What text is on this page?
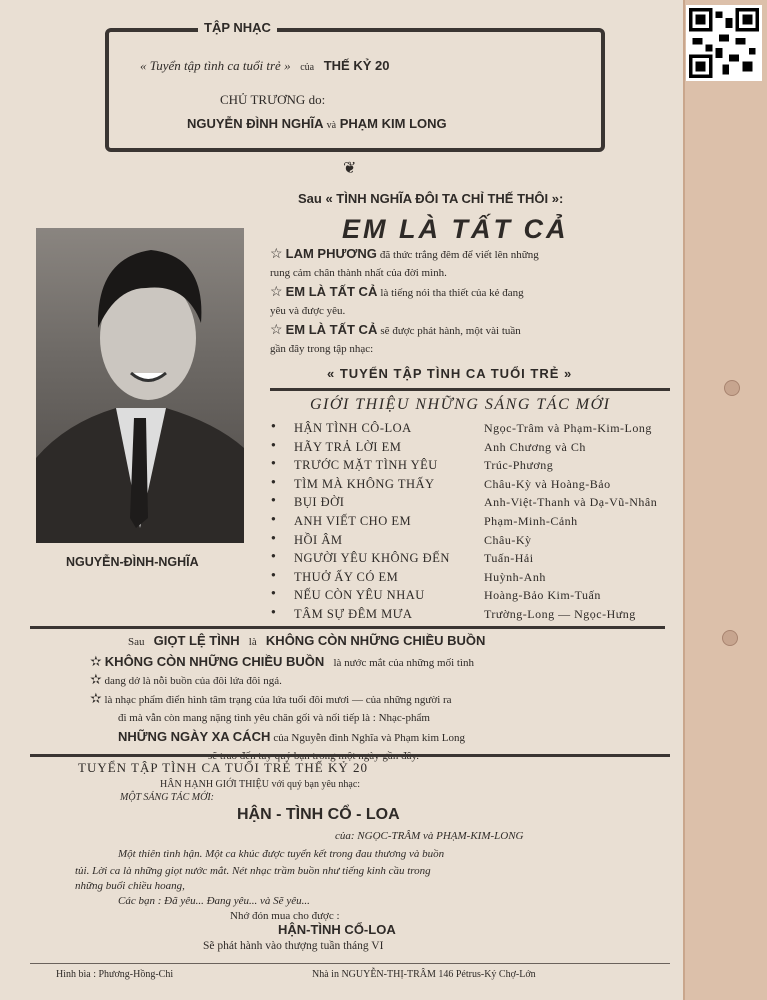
TẬP NHẠC
« Tuyển tập tình ca tuổi trẻ » của THẾ KỶ 20
CHỦ TRƯƠNG do:
NGUYỄN ĐÌNH NGHĨA và PHẠM KIM LONG
❦
Sau « TÌNH NGHĨA ĐÔI TA CHỈ THẾ THÔI »:
EM LÀ TẤT CẢ
NGUYỄN-ĐÌNH-NGHĨA
☆ LAM PHƯƠNG đã thức trắng đêm để viết lên những
rung cảm chân thành nhất của đời mình.
☆ EM LÀ TẤT CẢ là tiếng nói tha thiết của kẻ đang
yêu và được yêu.
☆ EM LÀ TẤT CẢ sẽ được phát hành, một vài tuần
gần đây trong tập nhạc:
« TUYỂN TẬP TÌNH CA TUỔI TRẺ »
GIỚI THIỆU NHỮNG SÁNG TÁC MỚI
● HẬN TÌNH CÔ-LOA	Ngọc-Trâm và Phạm-Kim-Long
● HÃY TRẢ LỜI EM	Anh Chương và Ch
● TRƯỚC MẶT TÌNH YÊU	Trúc-Phương
● TÌM MÀ KHÔNG THẤY	Châu-Kỳ và Hoàng-Bảo
● BỤI ĐỜI	Anh-Việt-Thanh và Dạ-Vũ-Nhân
● ANH VIẾT CHO EM	Phạm-Minh-Cảnh
● HỒI ÂM	Châu-Kỳ
● NGƯỜI YÊU KHÔNG ĐẾN	Tuấn-Hải
● THUỞ ẤY CÓ EM	Huỳnh-Anh
● NẾU CÒN YÊU NHAU	Hoàng-Bảo Kim-Tuấn
● TÂM SỰ ĐÊM MƯA	Trường-Long — Ngọc-Hưng
Sau GIỌT LỆ TÌNH là KHÔNG CÒN NHỮNG CHIỀU BUỒN
✫ KHÔNG CÒN NHỮNG CHIỀU BUỒN là nước mắt của những mối tình
✫ dang dở là nỗi buồn của đôi lứa đôi ngả.
✫ là nhạc phẩm điển hình tâm trạng của lứa tuổi đôi mươi — của những người ra
đi mà vẫn còn mang nặng tình yêu chăn gối và nối tiếp là : Nhạc-phẩm
NHỮNG NGÀY XA CÁCH của Nguyễn đình Nghĩa và Phạm kim Long
TUYỂN TẬP TÌNH CA TUỔI TRẺ THẾ KỶ 20
HÂN HẠNH GIỚI THIỆU với quý bạn yêu nhạc:
MỘT SÁNG TÁC MỚI:
HẬN - TÌNH CỔ - LOA
của: NGỌC-TRÂM và PHẠM-KIM-LONG
Một thiên tình hận. Một ca khúc được tuyển kết trong đau thương và buồn
tủi. Lời ca là những giọt nước mắt. Nét nhạc trầm buồn như tiếng kinh cầu trong
những buổi chiều hoang,
Các bạn : Đã yêu... Đang yêu... và Sẽ yêu...
Nhớ đón mua cho được :
HẬN-TÌNH CỔ-LOA
Sẽ phát hành vào thượng tuần tháng VI
Hình bìa : Phương-Hồng-Chi	Nhà in NGUYỄN-THỊ-TRÂM 146 Pétrus-Ký Chợ-Lớn
